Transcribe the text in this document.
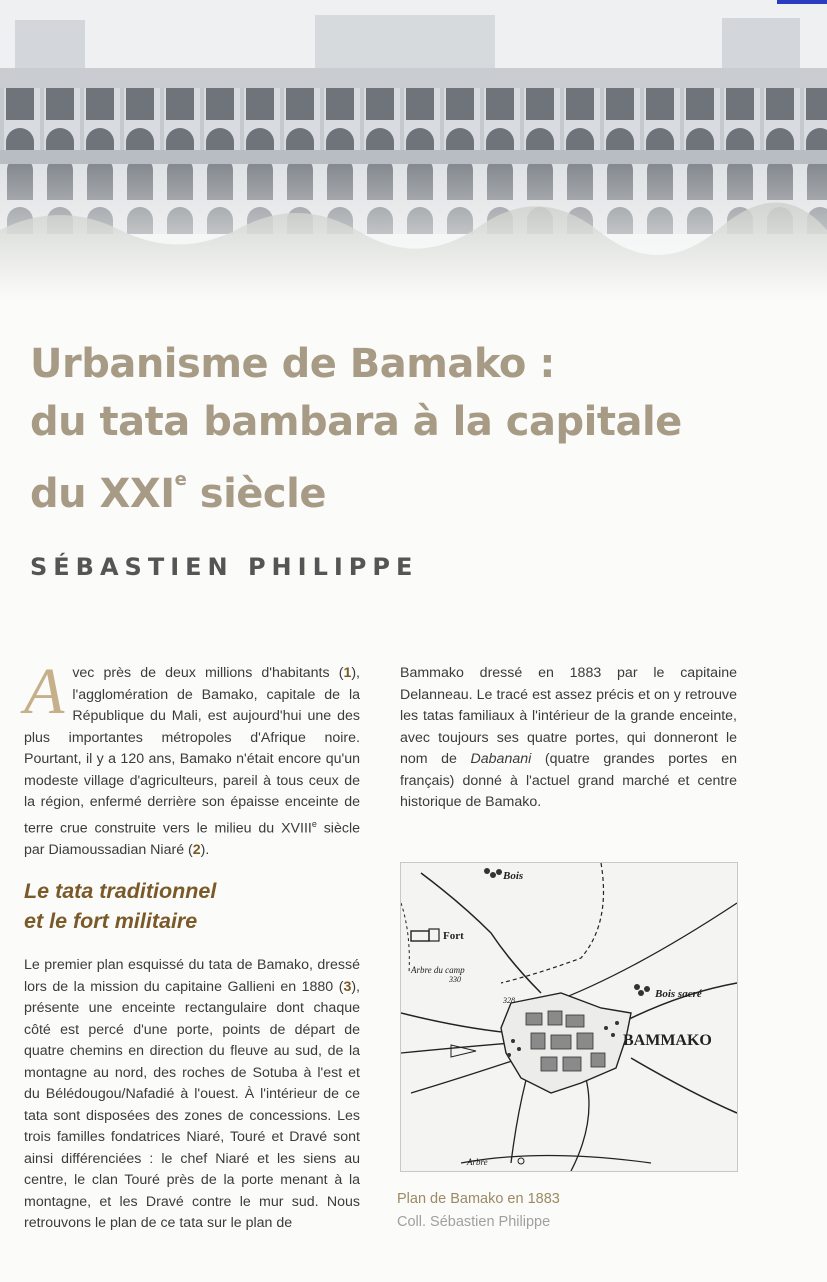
Urbanisme de Bamako :
du tata bambara à la capitale
du XXIe siècle
SÉBASTIEN PHILIPPE

Avec près de deux millions d'habitants (1), l'agglomération de Bamako, capitale de la République du Mali, est aujourd'hui une des plus importantes métropoles d'Afrique noire. Pourtant, il y a 120 ans, Bamako n'était encore qu'un modeste village d'agriculteurs, pareil à tous ceux de la région, enfermé derrière son épaisse enceinte de terre crue construite vers le milieu du XVIIIe siècle par Diamoussadian Niaré (2).

Le tata traditionnel
et le fort militaire

Le premier plan esquissé du tata de Bamako, dressé lors de la mission du capitaine Gallieni en 1880 (3), présente une enceinte rectangulaire dont chaque côté est percé d'une porte, points de départ de quatre chemins en direction du fleuve au sud, de la montagne au nord, des roches de Sotuba à l'est et du Bélédougou/Nafadié à l'ouest. À l'intérieur de ce tata sont disposées des zones de concessions. Les trois familles fondatrices Niaré, Touré et Dravé sont ainsi différenciées : le chef Niaré et les siens au centre, le clan Touré près de la porte menant à la montagne, et les Dravé contre le mur sud. Nous retrouvons le plan de ce tata sur le plan de

Bammako dressé en 1883 par le capitaine Delanneau. Le tracé est assez précis et on y retrouve les tatas familiaux à l'intérieur de la grande enceinte, avec toujours ses quatre portes, qui donneront le nom de Dabanani (quatre grandes portes en français) donné à l'actuel grand marché et centre historique de Bamako.

Bois
Fort
Arbre du camp
330
328
Bois sacré
BAMMAKO
Arbre
Plan de Bamako en 1883
Coll. Sébastien Philippe
